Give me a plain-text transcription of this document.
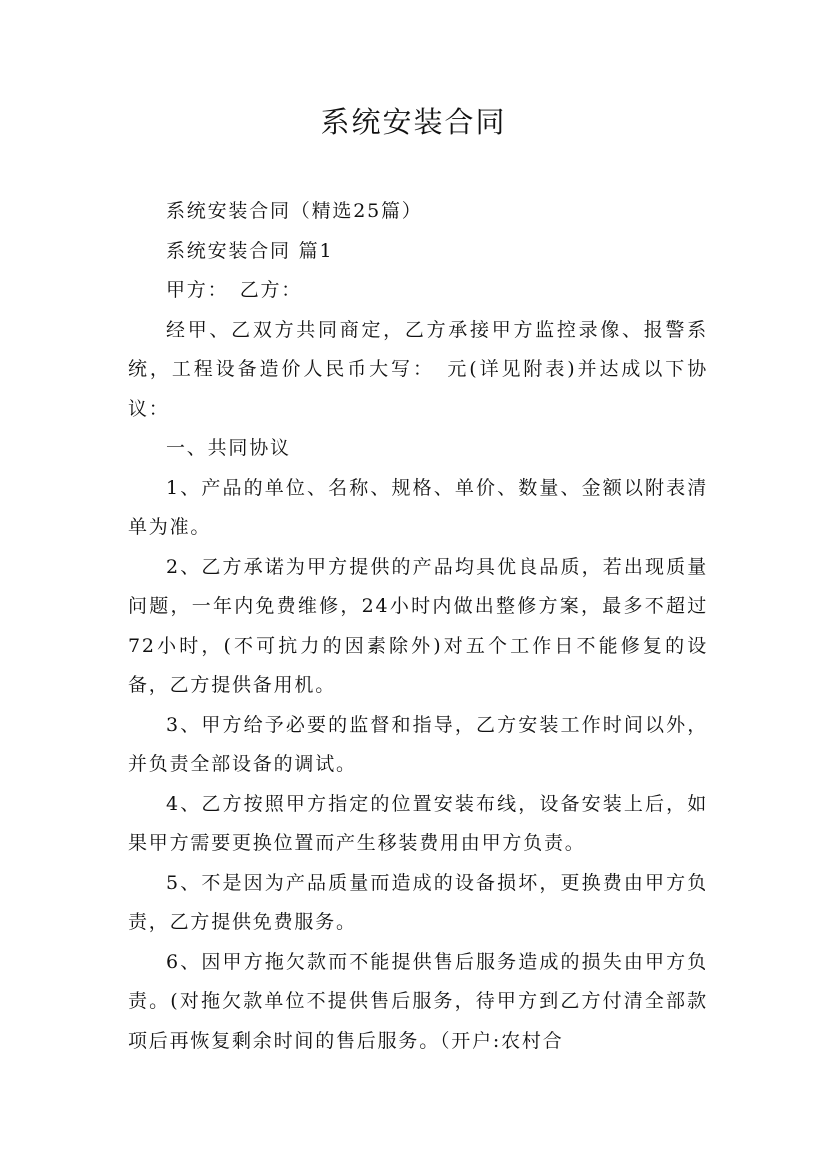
系统安装合同

系统安装合同（精选25篇）

系统安装合同 篇1

甲方：　乙方：

经甲、乙双方共同商定，乙方承接甲方监控录像、报警系统，工程设备造价人民币大写：　元(详见附表)并达成以下协议：

一、共同协议

1、产品的单位、名称、规格、单价、数量、金额以附表清单为准。

2、乙方承诺为甲方提供的产品均具优良品质，若出现质量问题，一年内免费维修，24小时内做出整修方案，最多不超过72小时，(不可抗力的因素除外)对五个工作日不能修复的设备，乙方提供备用机。

3、甲方给予必要的监督和指导，乙方安装工作时间以外，并负责全部设备的调试。

4、乙方按照甲方指定的位置安装布线，设备安装上后，如果甲方需要更换位置而产生移装费用由甲方负责。

5、不是因为产品质量而造成的设备损坏，更换费由甲方负责，乙方提供免费服务。

6、因甲方拖欠款而不能提供售后服务造成的损失由甲方负责。(对拖欠款单位不提供售后服务，待甲方到乙方付清全部款项后再恢复剩余时间的售后服务。（开户:农村合
